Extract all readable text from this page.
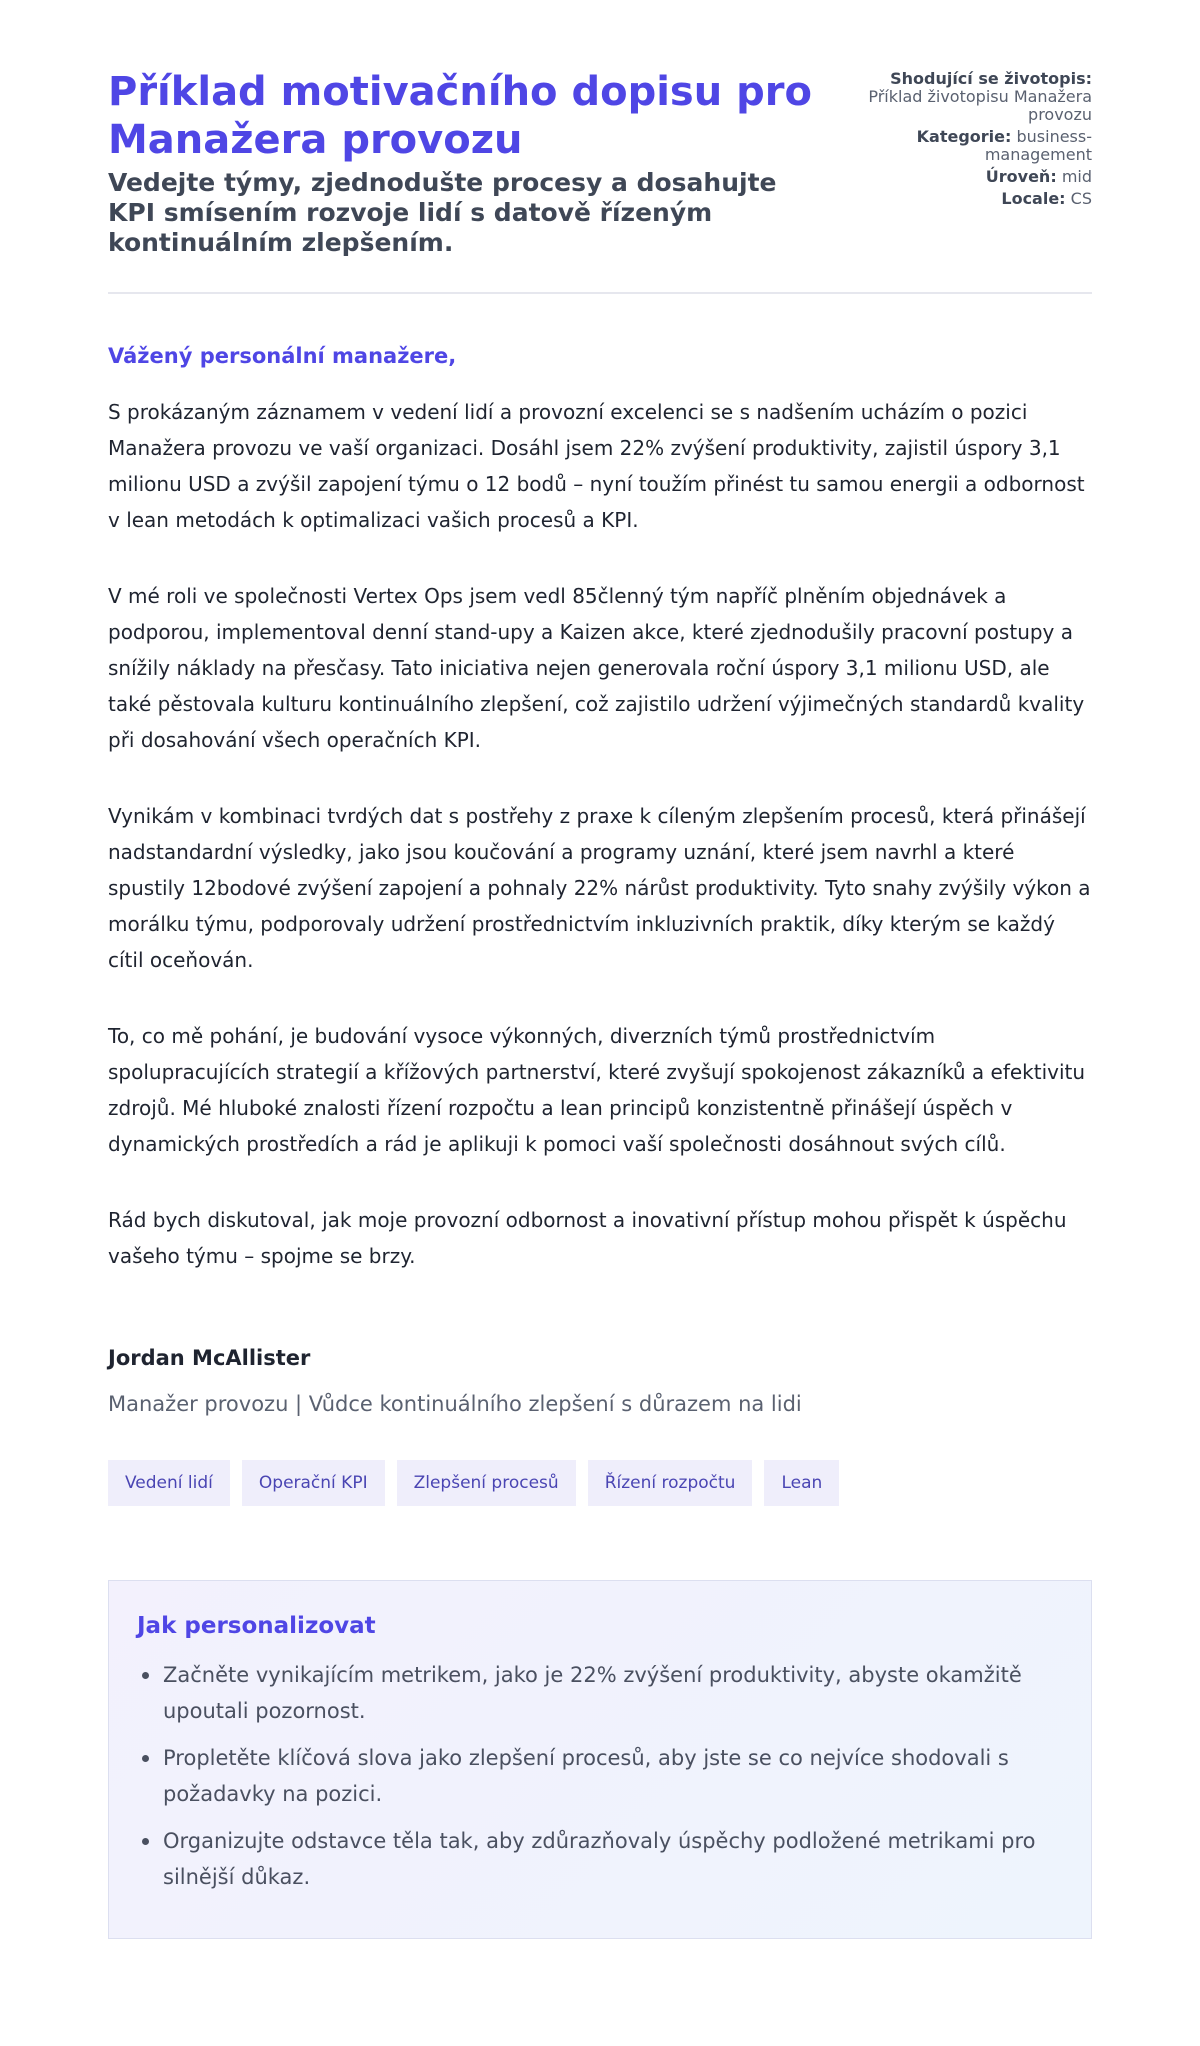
Příklad motivačního dopisu pro Manažera provozu
Vedejte týmy, zjednodušte procesy a dosahujte KPI smísením rozvoje lidí s datově řízeným kontinuálním zlepšením.
Shodující se životopis:
Příklad životopisu Manažera provozu
Kategorie: business-management
Úroveň: mid
Locale: CS

Vážený personální manažere,

S prokázaným záznamem v vedení lidí a provozní excelenci se s nadšením ucházím o pozici Manažera provozu ve vaší organizaci. Dosáhl jsem 22% zvýšení produktivity, zajistil úspory 3,1 milionu USD a zvýšil zapojení týmu o 12 bodů – nyní toužím přinést tu samou energii a odbornost v lean metodách k optimalizaci vašich procesů a KPI.

V mé roli ve společnosti Vertex Ops jsem vedl 85členný tým napříč plněním objednávek a podporou, implementoval denní stand-upy a Kaizen akce, které zjednodušily pracovní postupy a snížily náklady na přesčasy. Tato iniciativa nejen generovala roční úspory 3,1 milionu USD, ale také pěstovala kulturu kontinuálního zlepšení, což zajistilo udržení výjimečných standardů kvality při dosahování všech operačních KPI.

Vynikám v kombinaci tvrdých dat s postřehy z praxe k cíleným zlepšením procesů, která přinášejí nadstandardní výsledky, jako jsou koučování a programy uznání, které jsem navrhl a které spustily 12bodové zvýšení zapojení a pohnaly 22% nárůst produktivity. Tyto snahy zvýšily výkon a morálku týmu, podporovaly udržení prostřednictvím inkluzivních praktik, díky kterým se každý cítil oceňován.

To, co mě pohání, je budování vysoce výkonných, diverzních týmů prostřednictvím spolupracujících strategií a křížových partnerství, které zvyšují spokojenost zákazníků a efektivitu zdrojů. Mé hluboké znalosti řízení rozpočtu a lean principů konzistentně přinášejí úspěch v dynamických prostředích a rád je aplikuji k pomoci vaší společnosti dosáhnout svých cílů.

Rád bych diskutoval, jak moje provozní odbornost a inovativní přístup mohou přispět k úspěchu vašeho týmu – spojme se brzy.

Jordan McAllister

Manažer provozu | Vůdce kontinuálního zlepšení s důrazem na lidi

Vedení lidí	Operační KPI	Zlepšení procesů	Řízení rozpočtu	Lean
Jak personalizovat
Začněte vynikajícím metrikem, jako je 22% zvýšení produktivity, abyste okamžitě upoutali pozornost.
Propletěte klíčová slova jako zlepšení procesů, aby jste se co nejvíce shodovali s požadavky na pozici.
Organizujte odstavce těla tak, aby zdůrazňovaly úspěchy podložené metrikami pro silnější důkaz.
